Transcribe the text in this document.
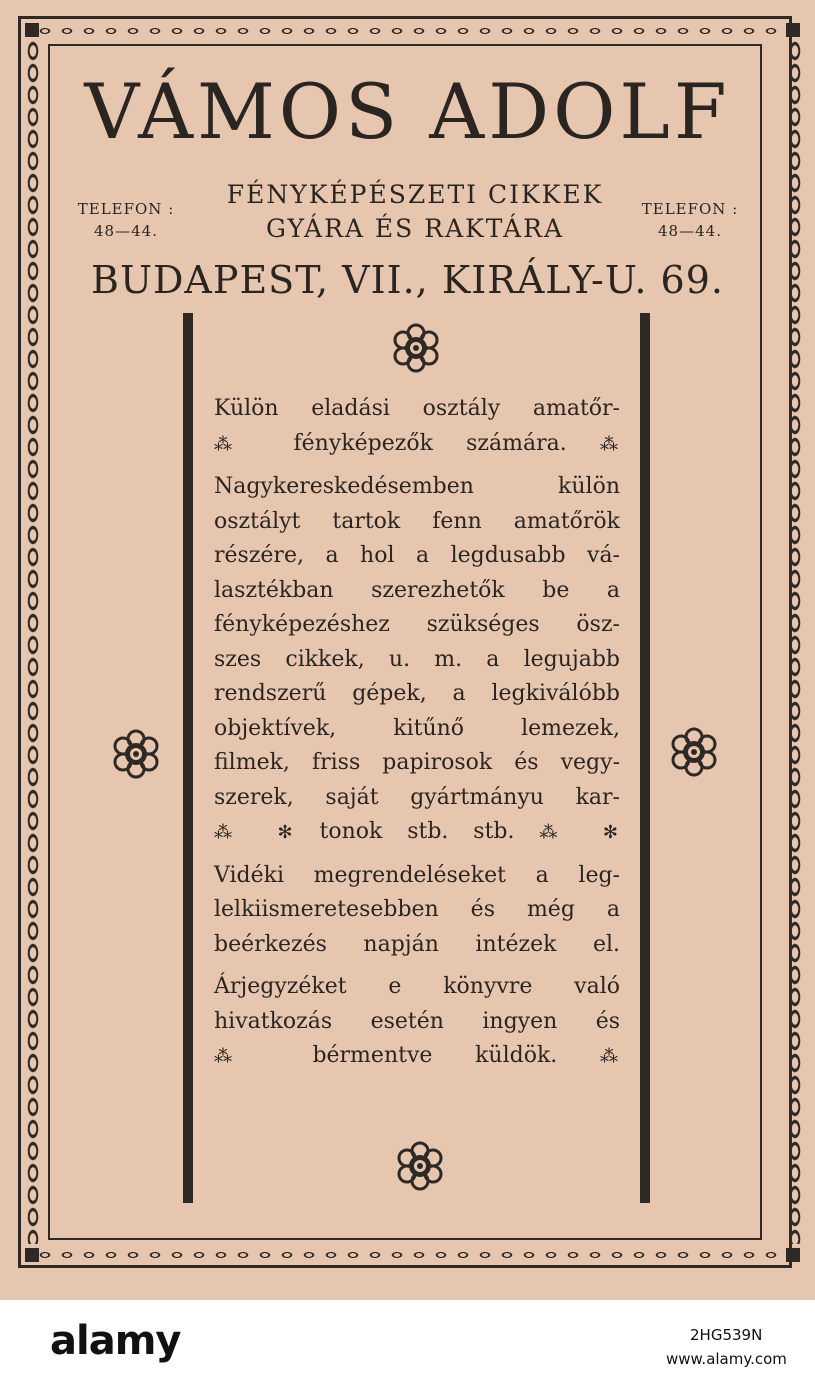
VÁMOS ADOLF
TELEFON :
48—44.
FÉNYKÉPÉSZETI CIKKEK
GYÁRA ÉS RAKTÁRA
TELEFON :
48—44.
BUDAPEST, VII., KIRÁLY-U. 69.
Külön eladási osztály amatőr-
⁂ fényképezők számára. ⁂
Nagykereskedésemben külön
osztályt tartok fenn amatőrök
részére, a hol a legdusabb vá-
lasztékban szerezhetők be a
fényképezéshez szükséges ösz-
szes cikkek, u. m. a legujabb
rendszerű gépek, a legkiválóbb
objektívek, kitűnő lemezek,
filmek, friss papirosok és vegy-
szerek, saját gyártmányu kar-
⁂ ✻ tonok stb. stb. ⁂ ✻
Vidéki megrendeléseket a leg-
lelkiismeretesebben és még a
beérkezés napján intézek el.
Árjegyzéket e könyvre való
hivatkozás esetén ingyen és
⁂ bérmentve küldök. ⁂
alamy	2HG539N
www.alamy.com
